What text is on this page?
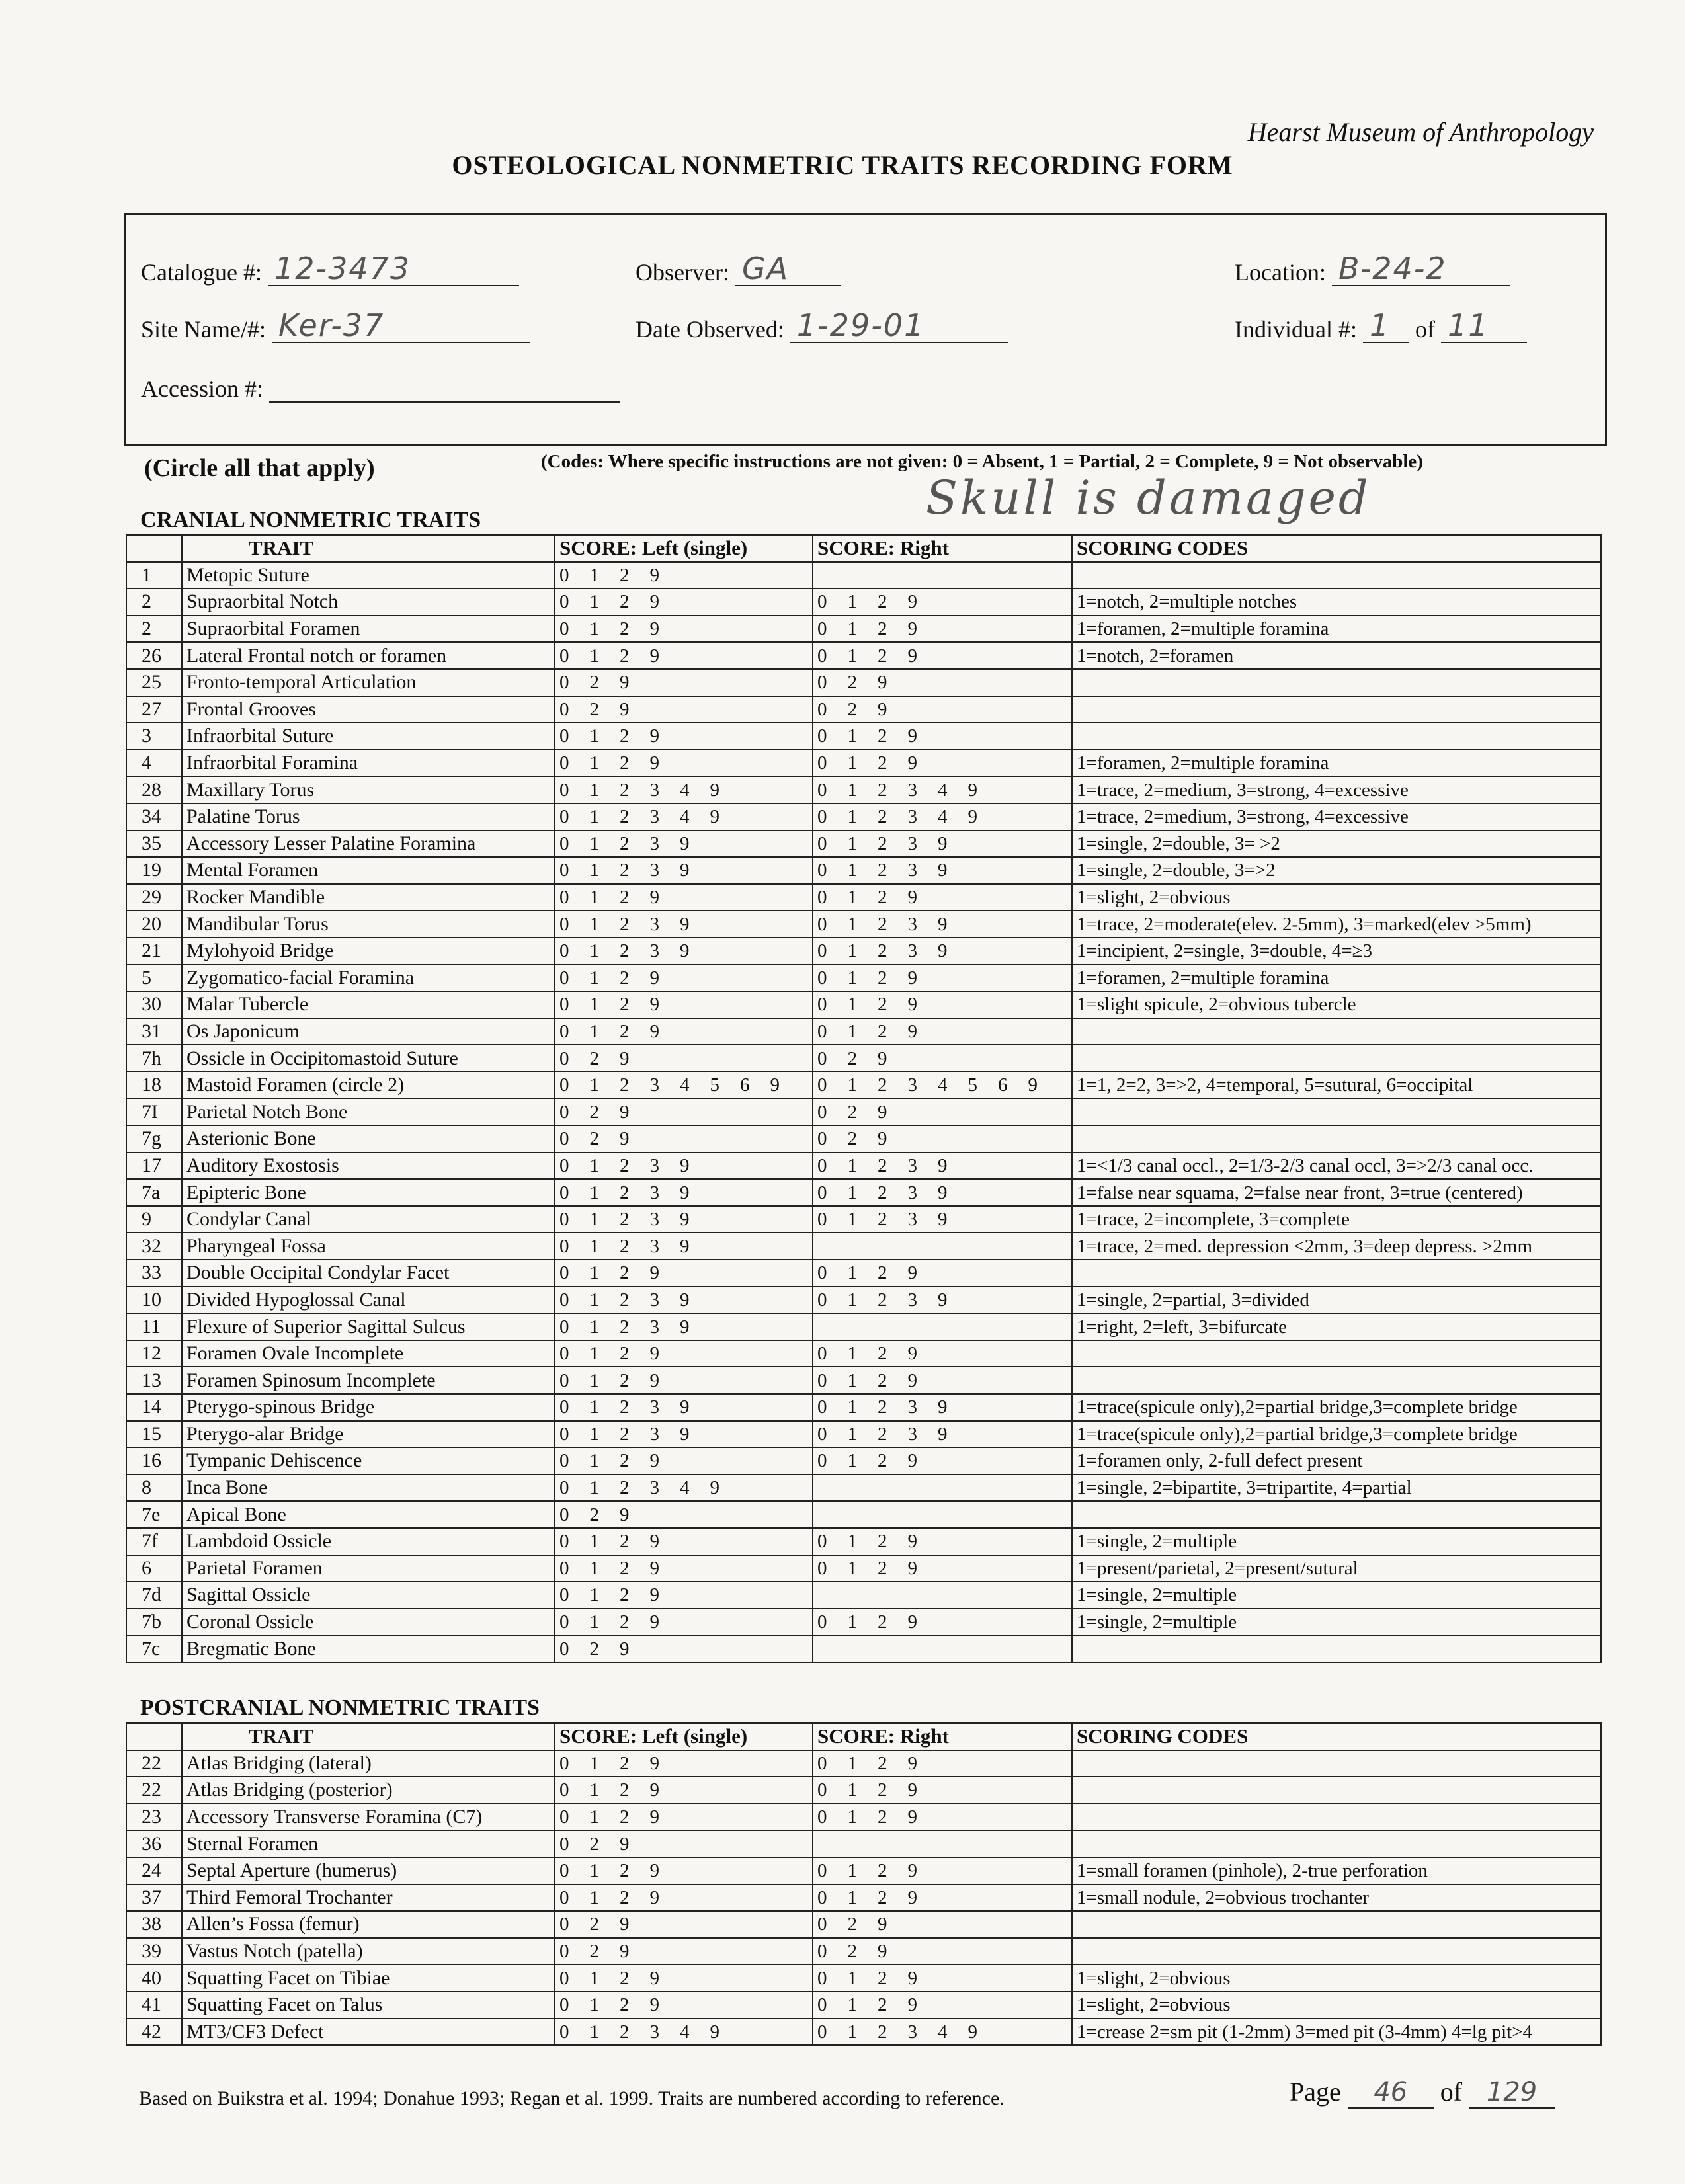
Hearst Museum of Anthropology
OSTEOLOGICAL NONMETRIC TRAITS RECORDING FORM
Catalogue #: 12-3473	Observer: GA	Location: B-24-2
Site Name/#: Ker-37	Date Observed: 1-29-01	Individual #: 1 of 11
Accession #:
(Circle all that apply)	(Codes: Where specific instructions are not given: 0 = Absent, 1 = Partial, 2 = Complete, 9 = Not observable)
Skull is damaged
CRANIAL NONMETRIC TRAITS
	TRAIT	SCORE: Left (single)	SCORE: Right	SCORING CODES
1	Metopic Suture	0 1 2 9		
2	Supraorbital Notch	0 1 2 9	0 1 2 9	1=notch, 2=multiple notches
2	Supraorbital Foramen	0 1 2 9	0 1 2 9	1=foramen, 2=multiple foramina
26	Lateral Frontal notch or foramen	0 1 2 9	0 1 2 9	1=notch, 2=foramen
25	Fronto-temporal Articulation	0 2 9	0 2 9	
27	Frontal Grooves	0 2 9	0 2 9	
3	Infraorbital Suture	0 1 2 9	0 1 2 9	
4	Infraorbital Foramina	0 1 2 9	0 1 2 9	1=foramen, 2=multiple foramina
28	Maxillary Torus	0 1 2 3 4 9	0 1 2 3 4 9	1=trace, 2=medium, 3=strong, 4=excessive
34	Palatine Torus	0 1 2 3 4 9	0 1 2 3 4 9	1=trace, 2=medium, 3=strong, 4=excessive
35	Accessory Lesser Palatine Foramina	0 1 2 3 9	0 1 2 3 9	1=single, 2=double, 3= >2
19	Mental Foramen	0 1 2 3 9	0 1 2 3 9	1=single, 2=double, 3=>2
29	Rocker Mandible	0 1 2 9	0 1 2 9	1=slight, 2=obvious
20	Mandibular Torus	0 1 2 3 9	0 1 2 3 9	1=trace, 2=moderate(elev. 2-5mm), 3=marked(elev >5mm)
21	Mylohyoid Bridge	0 1 2 3 9	0 1 2 3 9	1=incipient, 2=single, 3=double, 4=≥3
5	Zygomatico-facial Foramina	0 1 2 9	0 1 2 9	1=foramen, 2=multiple foramina
30	Malar Tubercle	0 1 2 9	0 1 2 9	1=slight spicule, 2=obvious tubercle
31	Os Japonicum	0 1 2 9	0 1 2 9	
7h	Ossicle in Occipitomastoid Suture	0 2 9	0 2 9	
18	Mastoid Foramen (circle 2)	0 1 2 3 4 5 6 9	0 1 2 3 4 5 6 9	1=1, 2=2, 3=>2, 4=temporal, 5=sutural, 6=occipital
7I	Parietal Notch Bone	0 2 9	0 2 9	
7g	Asterionic Bone	0 2 9	0 2 9	
17	Auditory Exostosis	0 1 2 3 9	0 1 2 3 9	1=<1/3 canal occl., 2=1/3-2/3 canal occl, 3=>2/3 canal occ.
7a	Epipteric Bone	0 1 2 3 9	0 1 2 3 9	1=false near squama, 2=false near front, 3=true (centered)
9	Condylar Canal	0 1 2 3 9	0 1 2 3 9	1=trace, 2=incomplete, 3=complete
32	Pharyngeal Fossa	0 1 2 3 9		1=trace, 2=med. depression <2mm, 3=deep depress. >2mm
33	Double Occipital Condylar Facet	0 1 2 9	0 1 2 9	
10	Divided Hypoglossal Canal	0 1 2 3 9	0 1 2 3 9	1=single, 2=partial, 3=divided
11	Flexure of Superior Sagittal Sulcus	0 1 2 3 9		1=right, 2=left, 3=bifurcate
12	Foramen Ovale Incomplete	0 1 2 9	0 1 2 9	
13	Foramen Spinosum Incomplete	0 1 2 9	0 1 2 9	
14	Pterygo-spinous Bridge	0 1 2 3 9	0 1 2 3 9	1=trace(spicule only),2=partial bridge,3=complete bridge
15	Pterygo-alar Bridge	0 1 2 3 9	0 1 2 3 9	1=trace(spicule only),2=partial bridge,3=complete bridge
16	Tympanic Dehiscence	0 1 2 9	0 1 2 9	1=foramen only, 2-full defect present
8	Inca Bone	0 1 2 3 4 9		1=single, 2=bipartite, 3=tripartite, 4=partial
7e	Apical Bone	0 2 9		
7f	Lambdoid Ossicle	0 1 2 9	0 1 2 9	1=single, 2=multiple
6	Parietal Foramen	0 1 2 9	0 1 2 9	1=present/parietal, 2=present/sutural
7d	Sagittal Ossicle	0 1 2 9		1=single, 2=multiple
7b	Coronal Ossicle	0 1 2 9	0 1 2 9	1=single, 2=multiple
7c	Bregmatic Bone	0 2 9		
POSTCRANIAL NONMETRIC TRAITS
	TRAIT	SCORE: Left (single)	SCORE: Right	SCORING CODES
22	Atlas Bridging (lateral)	0 1 2 9	0 1 2 9	
22	Atlas Bridging (posterior)	0 1 2 9	0 1 2 9	
23	Accessory Transverse Foramina (C7)	0 1 2 9	0 1 2 9	
36	Sternal Foramen	0 2 9		
24	Septal Aperture (humerus)	0 1 2 9	0 1 2 9	1=small foramen (pinhole), 2-true perforation
37	Third Femoral Trochanter	0 1 2 9	0 1 2 9	1=small nodule, 2=obvious trochanter
38	Allen’s Fossa (femur)	0 2 9	0 2 9	
39	Vastus Notch (patella)	0 2 9	0 2 9	
40	Squatting Facet on Tibiae	0 1 2 9	0 1 2 9	1=slight, 2=obvious
41	Squatting Facet on Talus	0 1 2 9	0 1 2 9	1=slight, 2=obvious
42	MT3/CF3 Defect	0 1 2 3 4 9	0 1 2 3 4 9	1=crease 2=sm pit (1-2mm) 3=med pit (3-4mm) 4=lg pit>4
Based on Buikstra et al. 1994; Donahue 1993; Regan et al. 1999. Traits are numbered according to reference.	Page 46 of 129
